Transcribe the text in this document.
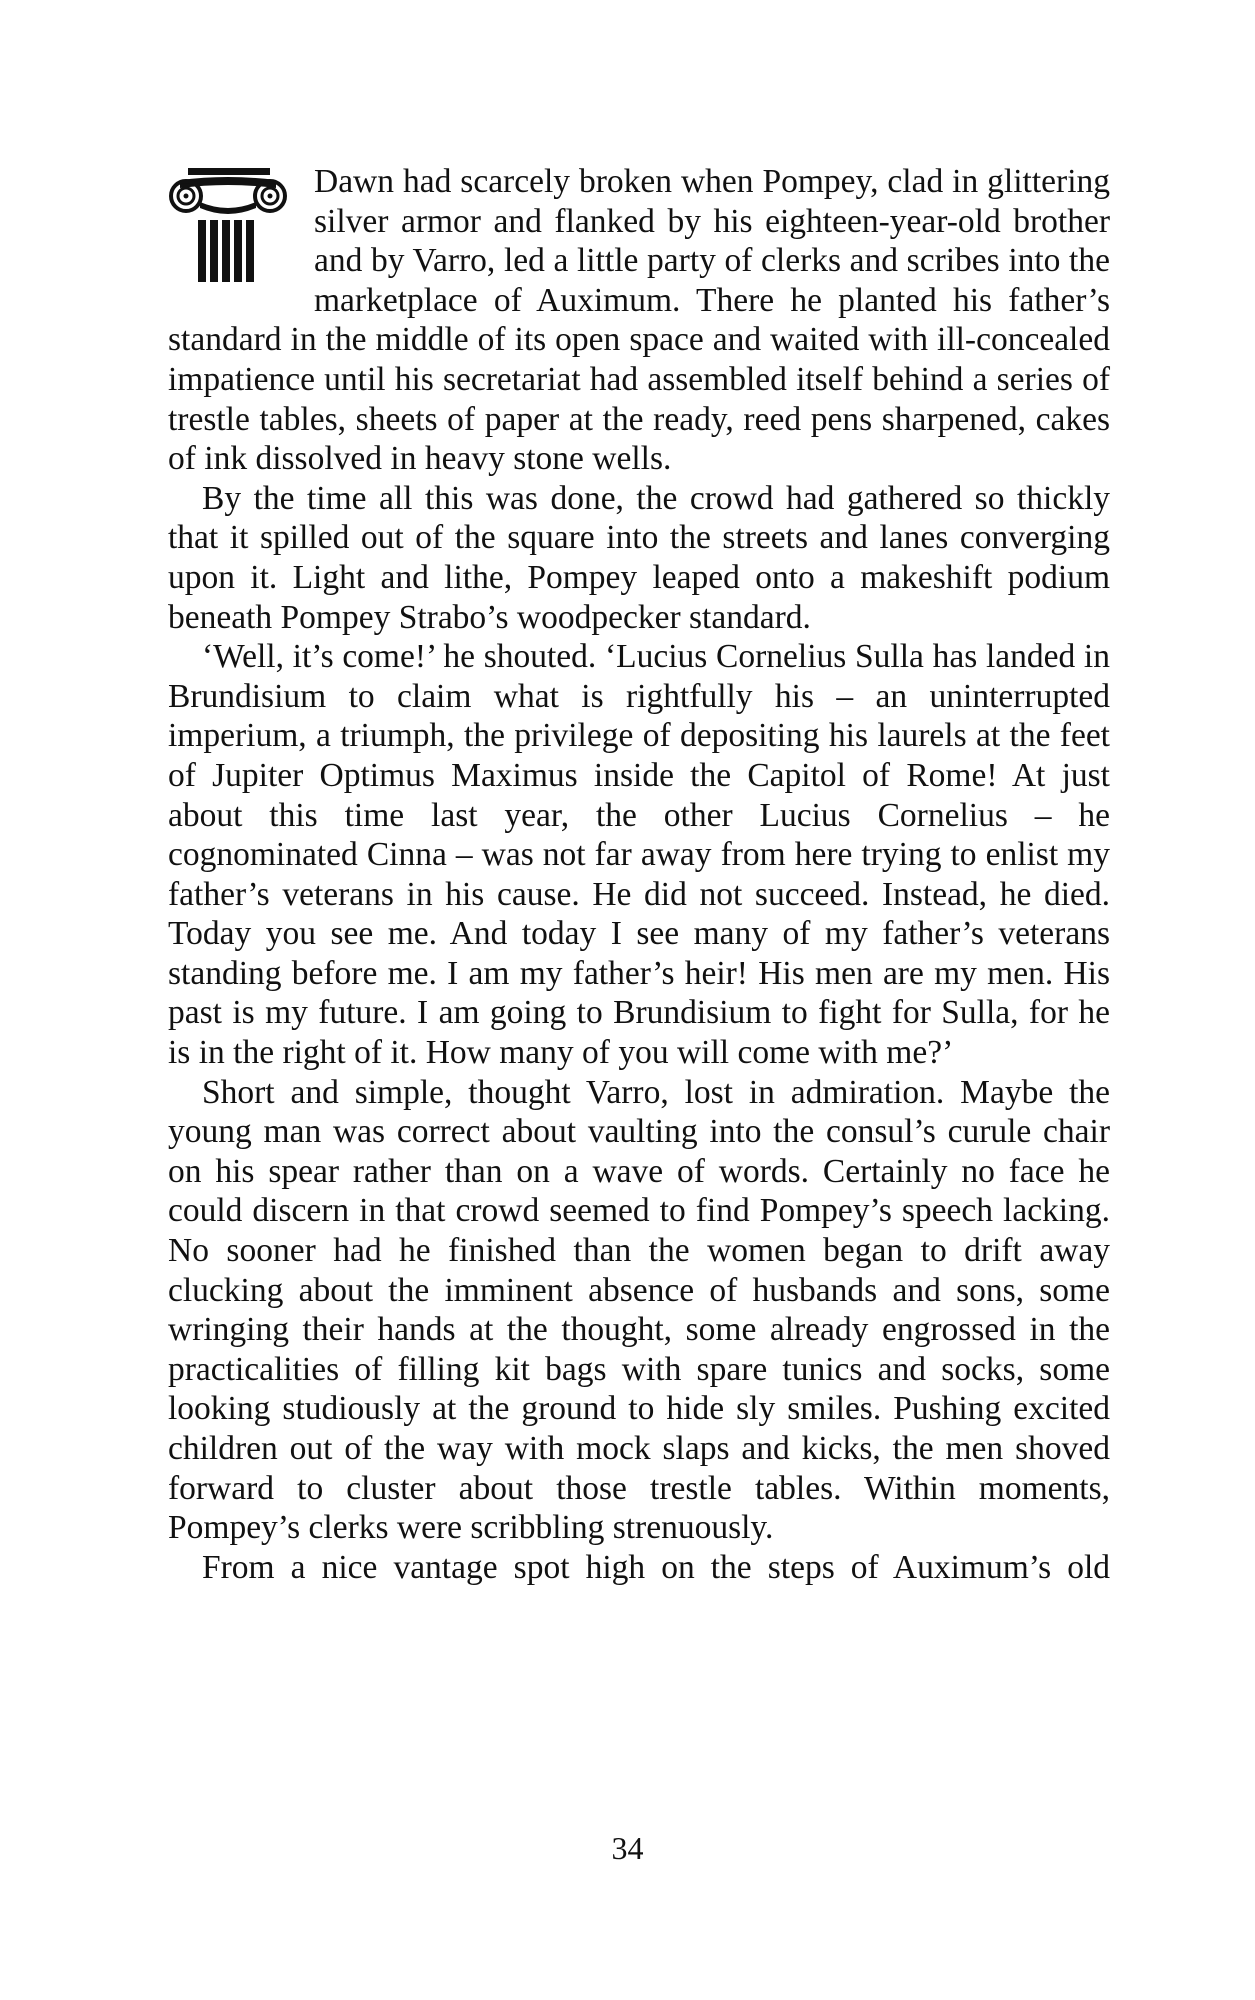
Dawn had scarcely broken when Pompey, clad in glittering silver armor and flanked by his eighteen-year-old brother and by Varro, led a little party of clerks and scribes into the marketplace of Auximum. There he planted his father’s standard in the middle of its open space and waited with ill-concealed impatience until his secretariat had assembled itself behind a series of trestle tables, sheets of paper at the ready, reed pens sharpened, cakes of ink dissolved in heavy stone wells.

By the time all this was done, the crowd had gathered so thickly that it spilled out of the square into the streets and lanes converging upon it. Light and lithe, Pompey leaped onto a makeshift podium beneath Pompey Strabo’s woodpecker standard.

‘Well, it’s come!’ he shouted. ‘Lucius Cornelius Sulla has landed in Brundisium to claim what is rightfully his – an uninterrupted imperium, a triumph, the privilege of depositing his laurels at the feet of Jupiter Optimus Maximus inside the Capitol of Rome! At just about this time last year, the other Lucius Cornelius – he cognominated Cinna – was not far away from here trying to enlist my father’s veterans in his cause. He did not succeed. Instead, he died. Today you see me. And today I see many of my father’s veterans standing before me. I am my father’s heir! His men are my men. His past is my future. I am going to Brundisium to fight for Sulla, for he is in the right of it. How many of you will come with me?’

Short and simple, thought Varro, lost in admiration. Maybe the young man was correct about vaulting into the consul’s curule chair on his spear rather than on a wave of words. Certainly no face he could discern in that crowd seemed to find Pompey’s speech lacking. No sooner had he finished than the women began to drift away clucking about the imminent absence of husbands and sons, some wringing their hands at the thought, some already engrossed in the practicalities of filling kit bags with spare tunics and socks, some looking studiously at the ground to hide sly smiles. Pushing excited children out of the way with mock slaps and kicks, the men shoved forward to cluster about those trestle tables. Within moments, Pompey’s clerks were scribbling strenuously.

From a nice vantage spot high on the steps of Auximum’s old

34
